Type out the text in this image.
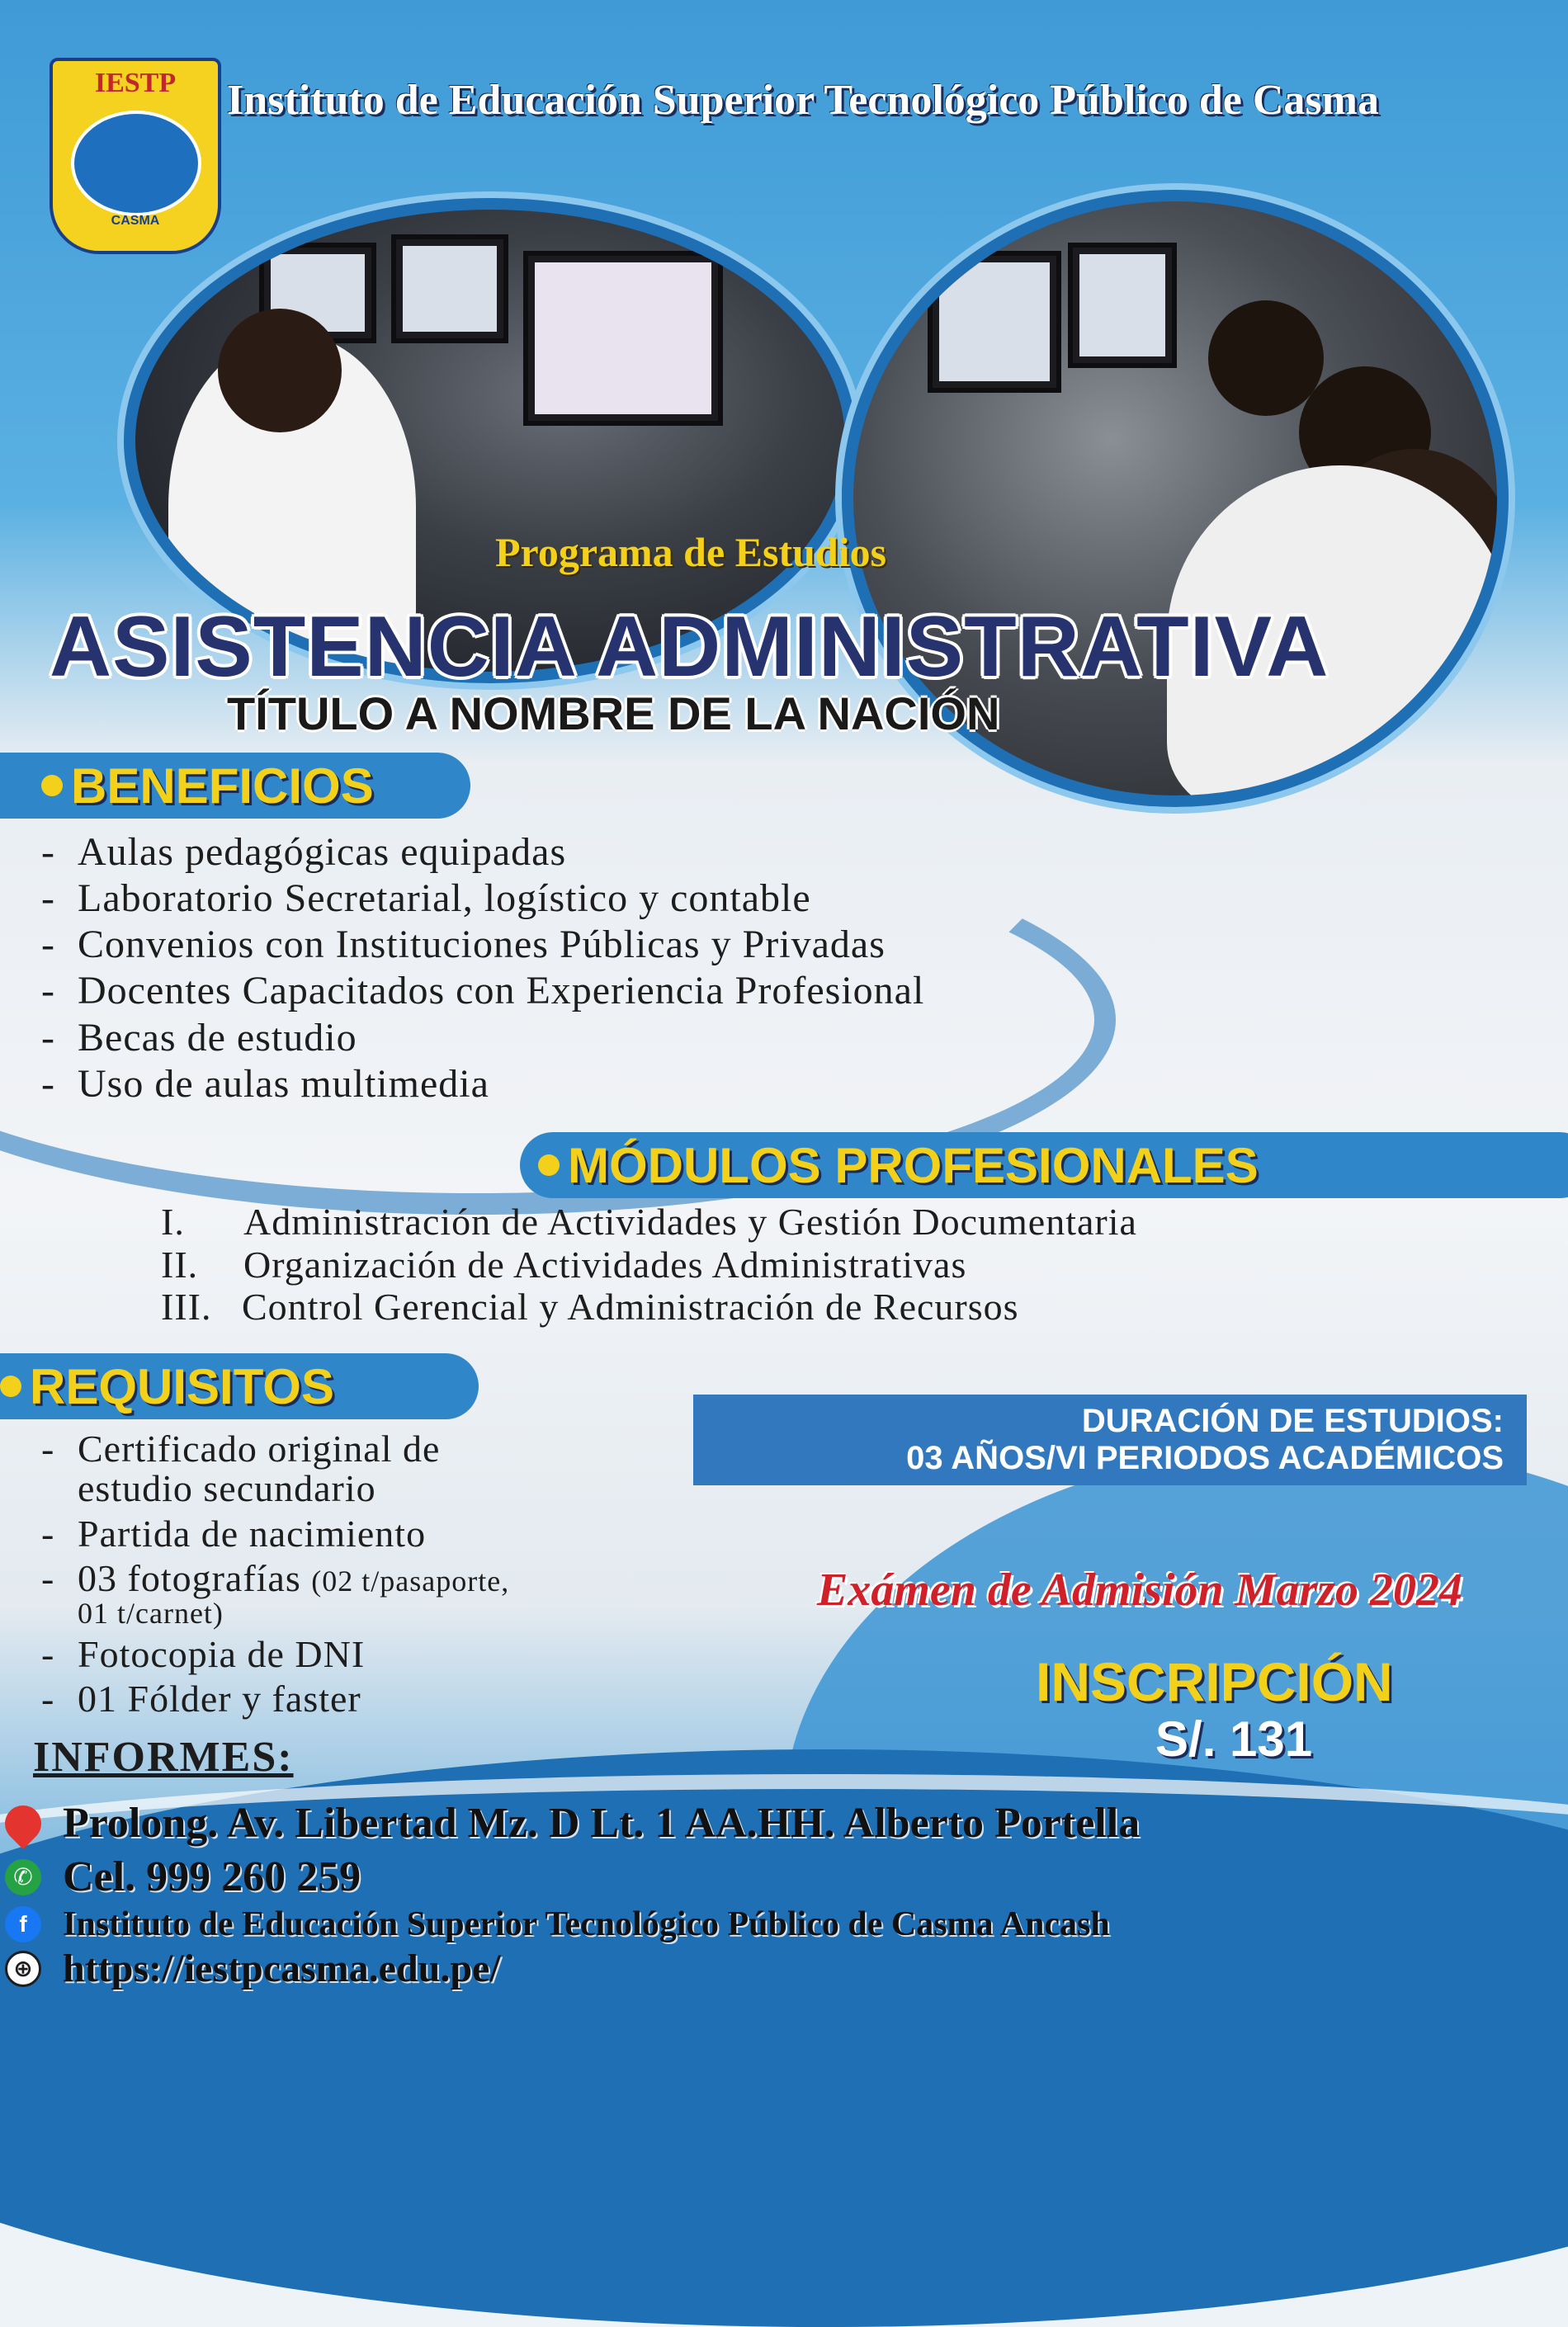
IESTP
CASMA
Instituto de Educación Superior Tecnológico Público de Casma
Programa de Estudios
ASISTENCIA ADMINISTRATIVA
TÍTULO A NOMBRE DE LA NACIÓN
BENEFICIOS
- Aulas pedagógicas equipadas
- Laboratorio Secretarial, logístico y contable
- Convenios con Instituciones Públicas y Privadas
- Docentes Capacitados con Experiencia Profesional
- Becas de estudio
- Uso de aulas multimedia
MÓDULOS PROFESIONALES
I. Administración de Actividades y Gestión Documentaria
II. Organización de Actividades Administrativas
III. Control Gerencial y Administración de Recursos
REQUISITOS
- Certificado original de
estudio secundario
- Partida de nacimiento
- 03 fotografías (02 t/pasaporte,
01 t/carnet)
- Fotocopia de DNI
- 01 Fólder y faster
DURACIÓN DE ESTUDIOS:
03 AÑOS/VI PERIODOS ACADÉMICOS
Exámen de Admisión Marzo 2024
INSCRIPCIÓN
S/. 131
INFORMES:
Prolong. Av. Libertad Mz. D Lt. 1 AA.HH. Alberto Portella
✆ Cel. 999 260 259
f	Instituto de Educación Superior Tecnológico Público de Casma Ancash
⊕ https://iestpcasma.edu.pe/
